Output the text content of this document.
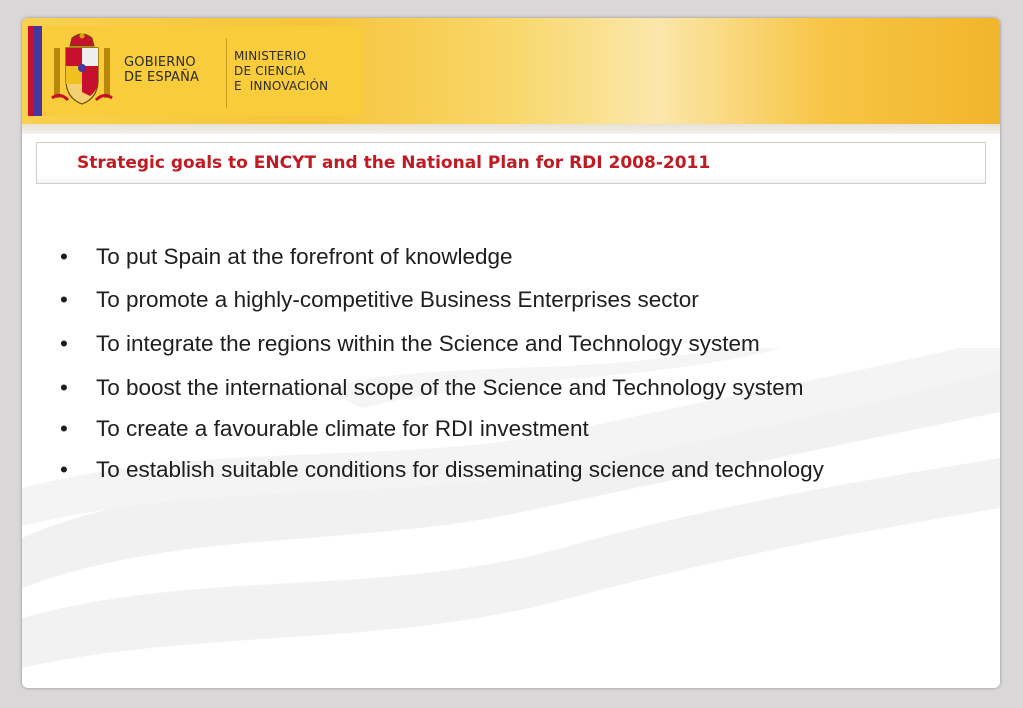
GOBIERNO
DE ESPAÑA
MINISTERIO
DE CIENCIA
E  INNOVACIÓN
Strategic goals to ENCYT and the National Plan for RDI 2008-2011
• To put Spain at the forefront of knowledge
• To promote a highly-competitive Business Enterprises sector
• To integrate the regions within the Science and Technology system
• To boost the international scope of the Science and Technology system
• To create a favourable climate for RDI investment
• To establish suitable conditions for disseminating science and technology
